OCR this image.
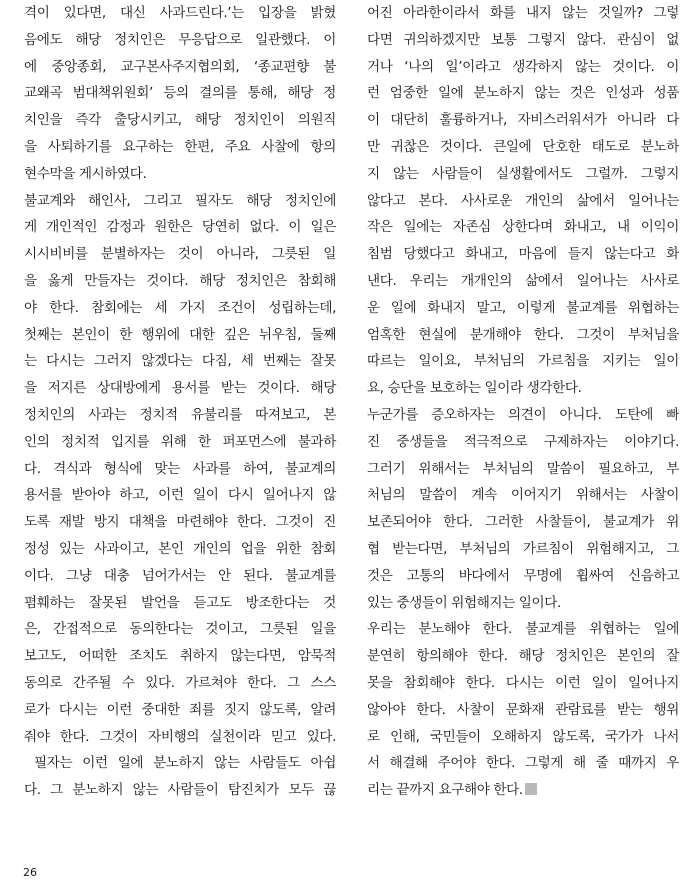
격이 있다면, 대신 사과드린다.’는 입장을 밝혔
음에도 해당 정치인은 무응답으로 일관했다. 이
에 중앙종회, 교구본사주지협의회, ‘종교편향 불
교왜곡 범대책위원회’ 등의 결의를 통해, 해당 정
치인을 즉각 출당시키고, 해당 정치인이 의원직
을 사퇴하기를 요구하는 한편, 주요 사찰에 항의
현수막을 게시하였다.
불교계와 해인사, 그리고 필자도 해당 정치인에
게 개인적인 감정과 원한은 당연히 없다. 이 일은
시시비비를 분별하자는 것이 아니라, 그릇된 일
을 옳게 만들자는 것이다. 해당 정치인은 참회해
야 한다. 참회에는 세 가지 조건이 성립하는데,
첫째는 본인이 한 행위에 대한 깊은 뉘우침, 둘째
는 다시는 그러지 않겠다는 다짐, 세 번째는 잘못
을 저지른 상대방에게 용서를 받는 것이다. 해당
정치인의 사과는 정치적 유불리를 따져보고, 본
인의 정치적 입지를 위해 한 퍼포먼스에 불과하
다. 격식과 형식에 맞는 사과를 하여, 불교계의
용서를 받아야 하고, 이런 일이 다시 일어나지 않
도록 재발 방지 대책을 마련해야 한다. 그것이 진
정성 있는 사과이고, 본인 개인의 업을 위한 참회
이다. 그냥 대충 넘어가서는 안 된다. 불교계를
폄훼하는 잘못된 발언을 듣고도 방조한다는 것
은, 간접적으로 동의한다는 것이고, 그릇된 일을
보고도, 어떠한 조치도 취하지 않는다면, 암묵적
동의로 간주될 수 있다. 가르쳐야 한다. 그 스스
로가 다시는 이런 중대한 죄를 짓지 않도록, 알려
줘야 한다. 그것이 자비행의 실천이라 믿고 있다.
필자는 이런 일에 분노하지 않는 사람들도 아쉽
다. 그 분노하지 않는 사람들이 탐진치가 모두 끊
어진 아라한이라서 화를 내지 않는 것일까? 그렇
다면 귀의하겠지만 보통 그렇지 않다. 관심이 없
거나 ‘나의 일’이라고 생각하지 않는 것이다. 이
런 엄중한 일에 분노하지 않는 것은 인성과 성품
이 대단히 훌륭하거나, 자비스러워서가 아니라 다
만 귀찮은 것이다. 큰일에 단호한 태도로 분노하
지 않는 사람들이 실생활에서도 그럴까. 그렇지
않다고 본다. 사사로운 개인의 삶에서 일어나는
작은 일에는 자존심 상한다며 화내고, 내 이익이
침범 당했다고 화내고, 마음에 들지 않는다고 화
낸다. 우리는 개개인의 삶에서 일어나는 사사로
운 일에 화내지 말고, 이렇게 불교계를 위협하는
엄혹한 현실에 분개해야 한다. 그것이 부처님을
따르는 일이요, 부처님의 가르침을 지키는 일이
요, 승단을 보호하는 일이라 생각한다.
누군가를 증오하자는 의견이 아니다. 도탄에 빠
진 중생들을 적극적으로 구제하자는 이야기다.
그러기 위해서는 부처님의 말씀이 필요하고, 부
처님의 말씀이 계속 이어지기 위해서는 사찰이
보존되어야 한다. 그러한 사찰들이, 불교계가 위
협 받는다면, 부처님의 가르침이 위험해지고, 그
것은 고통의 바다에서 무명에 휩싸여 신음하고
있는 중생들이 위험해지는 일이다.
우리는 분노해야 한다. 불교계를 위협하는 일에
분연히 항의해야 한다. 해당 정치인은 본인의 잘
못을 참회해야 한다. 다시는 이런 일이 일어나지
않아야 한다. 사찰이 문화재 관람료를 받는 행위
로 인해, 국민들이 오해하지 않도록, 국가가 나서
서 해결해 주어야 한다. 그렇게 해 줄 때까지 우
리는 끝까지 요구해야 한다.
26
